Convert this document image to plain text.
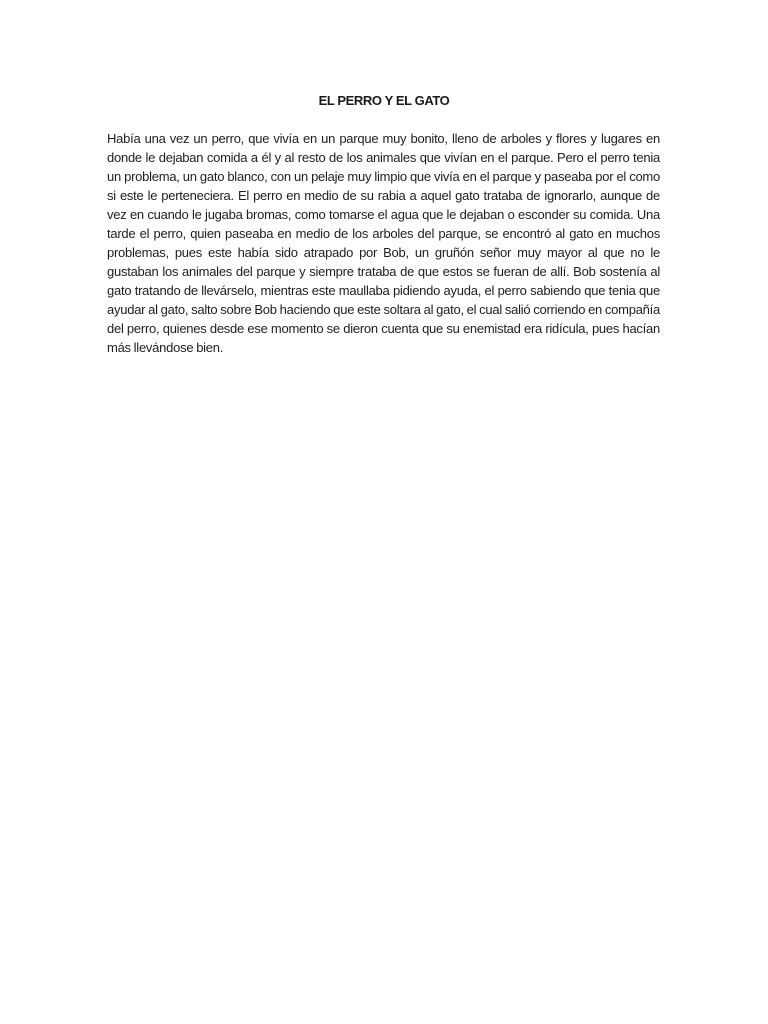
EL PERRO Y EL GATO

Había una vez un perro, que vivía en un parque muy bonito, lleno de arboles y flores y lugares en donde le dejaban comida a él y al resto de los animales que vivían en el parque. Pero el perro tenia un problema, un gato blanco, con un pelaje muy limpio que vivía en el parque y paseaba por el como si este le perteneciera. El perro en medio de su rabia a aquel gato trataba de ignorarlo, aunque de vez en cuando le jugaba bromas, como tomarse el agua que le dejaban o esconder su comida. Una tarde el perro, quien paseaba en medio de los arboles del parque, se encontró al gato en muchos problemas, pues este había sido atrapado por Bob, un gruñón señor muy mayor al que no le gustaban los animales del parque y siempre trataba de que estos se fueran de allí. Bob sostenía al gato tratando de llevárselo, mientras este maullaba pidiendo ayuda, el perro sabiendo que tenia que ayudar al gato, salto sobre Bob haciendo que este soltara al gato, el cual salió corriendo en compañía del perro, quienes desde ese momento se dieron cuenta que su enemistad era ridícula, pues hacían más llevándose bien.
